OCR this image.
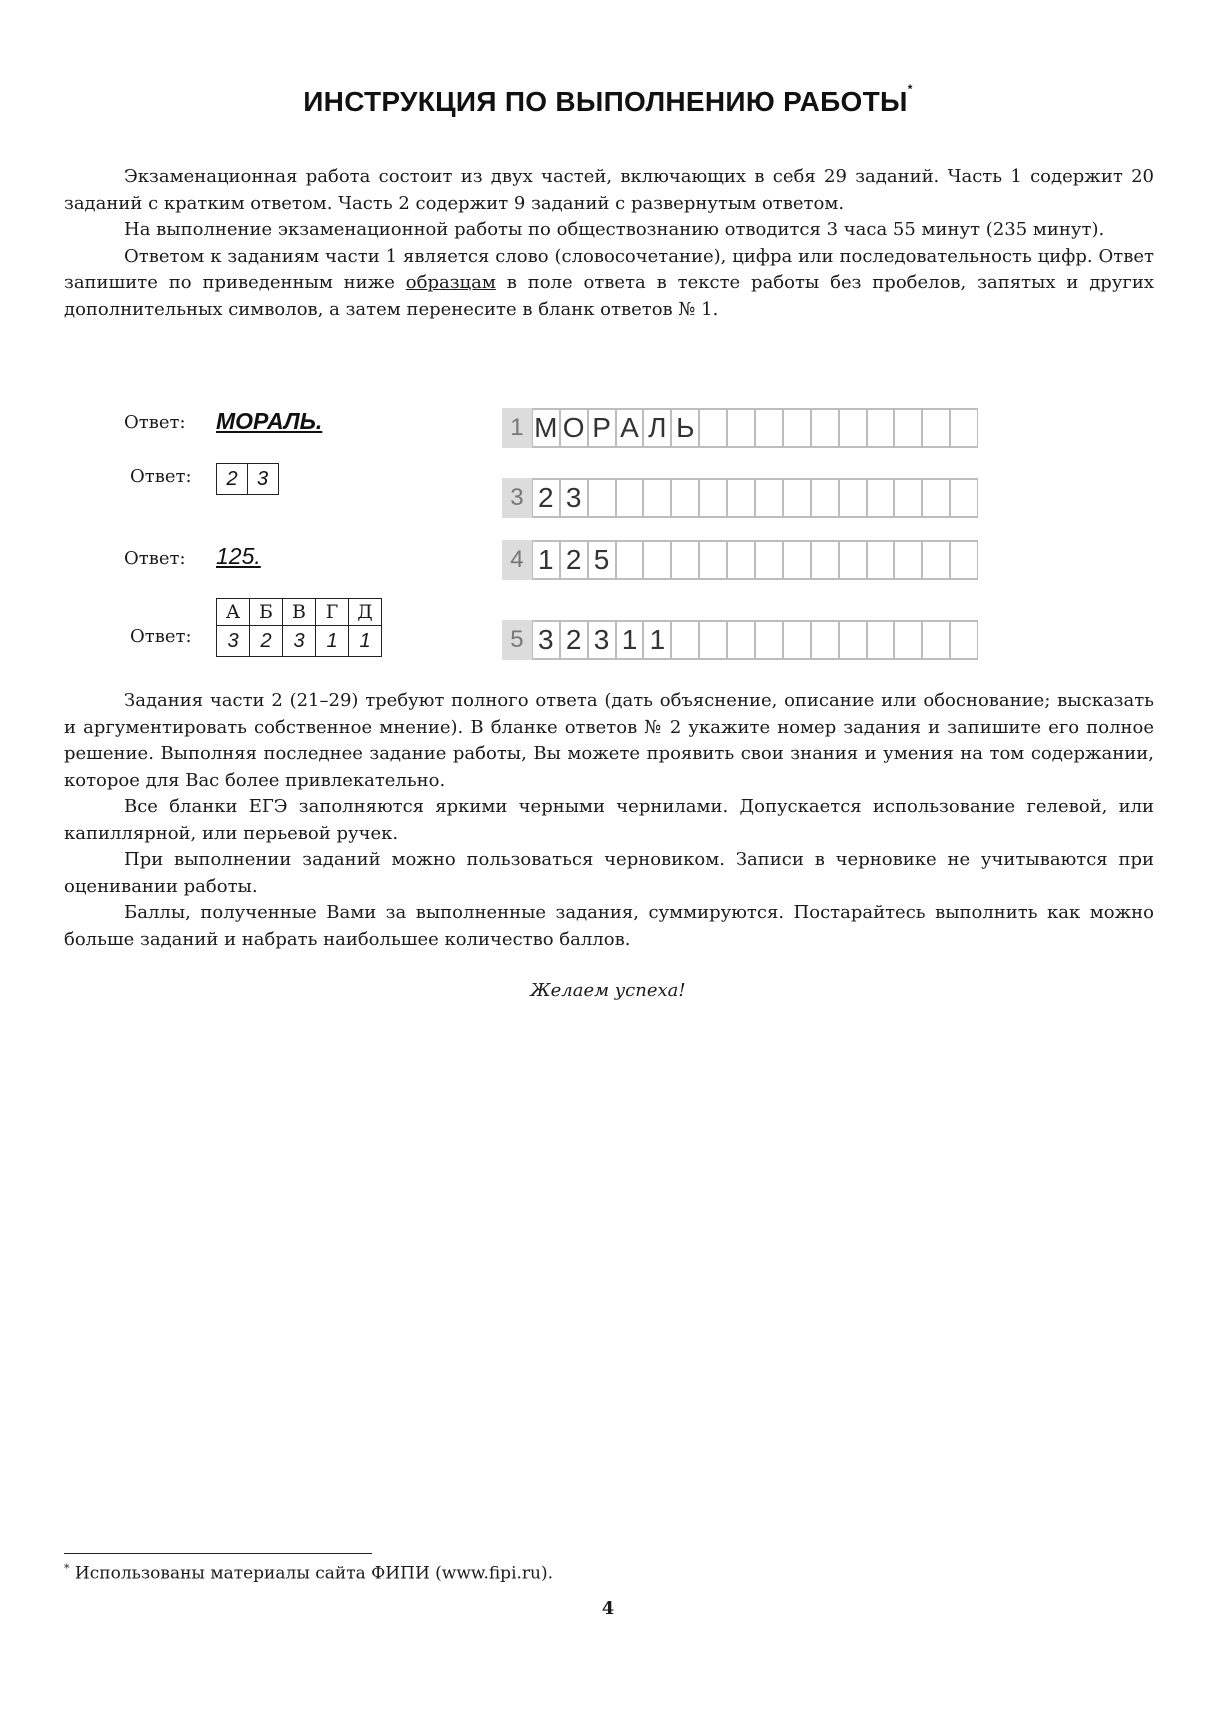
ИНСТРУКЦИЯ ПО ВЫПОЛНЕНИЮ РАБОТЫ*

Экзаменационная работа состоит из двух частей, включающих в себя 29 заданий. Часть 1 содержит 20 заданий с кратким ответом. Часть 2 содержит 9 заданий с развернутым ответом.

На выполнение экзаменационной работы по обществознанию отводится 3 часа 55 минут (235 минут).

Ответом к заданиям части 1 является слово (словосочетание), цифра или последовательность цифр. Ответ запишите по приведенным ниже образцам в поле ответа в тексте работы без пробелов, запятых и других дополнительных символов, а затем перенесите в бланк ответов № 1.

Ответ: МОРАЛЬ.
Ответ:	2 3
Ответ: 125.
Ответ:
А	Б	В	Г	Д
3	2	3	1	1
1 М О Р А Л Ь
3 2 3
4 1 2 5
5 3 2 3 1 1

Задания части 2 (21–29) требуют полного ответа (дать объяснение, описание или обоснование; высказать и аргументировать собственное мнение). В бланке ответов № 2 укажите номер задания и запишите его полное решение. Выполняя последнее задание работы, Вы можете проявить свои знания и умения на том содержании, которое для Вас более привлекательно.

Все бланки ЕГЭ заполняются яркими черными чернилами. Допускается использование гелевой, или капиллярной, или перьевой ручек.

При выполнении заданий можно пользоваться черновиком. Записи в черновике не учитываются при оценивании работы.

Баллы, полученные Вами за выполненные задания, суммируются. Постарайтесь выполнить как можно больше заданий и набрать наибольшее количество баллов.

Желаем успеха!
* Использованы материалы сайта ФИПИ (www.fipi.ru).
4
